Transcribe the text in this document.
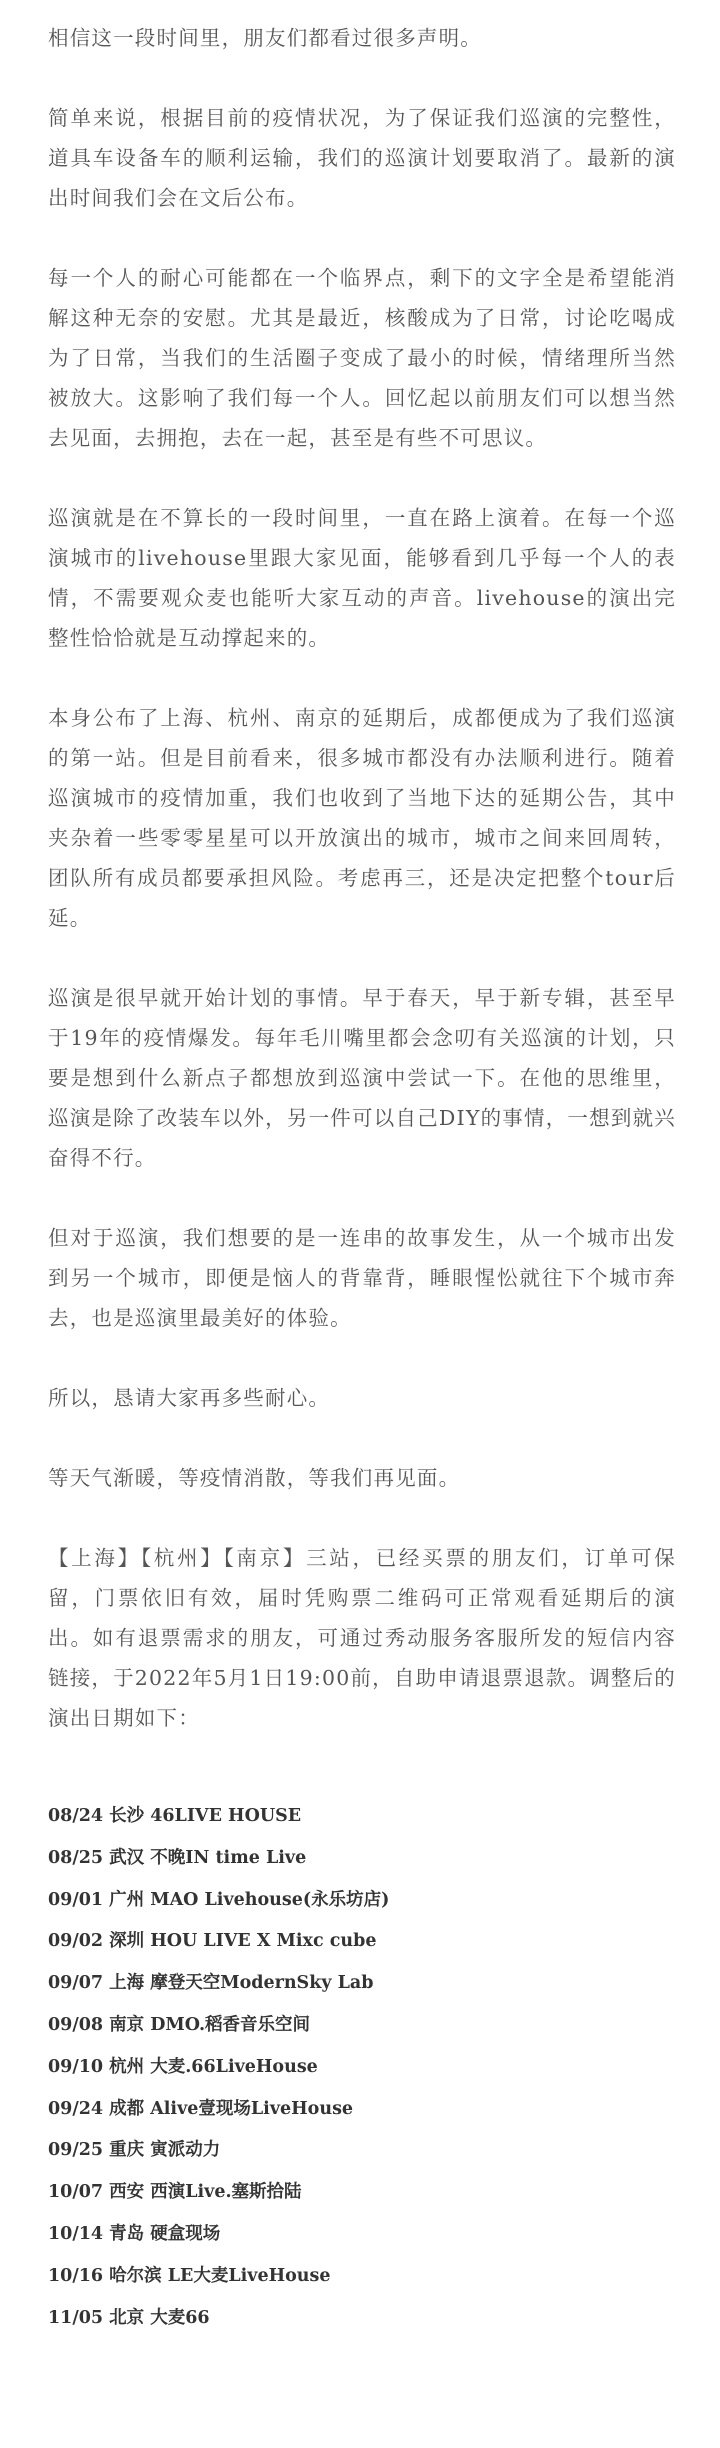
相信这一段时间里，朋友们都看过很多声明。

简单来说，根据目前的疫情状况，为了保证我们巡演的完整性，道具车设备车的顺利运输，我们的巡演计划要取消了。最新的演出时间我们会在文后公布。

每一个人的耐心可能都在一个临界点，剩下的文字全是希望能消解这种无奈的安慰。尤其是最近，核酸成为了日常，讨论吃喝成为了日常，当我们的生活圈子变成了最小的时候，情绪理所当然被放大。这影响了我们每一个人。回忆起以前朋友们可以想当然去见面，去拥抱，去在一起，甚至是有些不可思议。

巡演就是在不算长的一段时间里，一直在路上演着。在每一个巡演城市的livehouse里跟大家见面，能够看到几乎每一个人的表情，不需要观众麦也能听大家互动的声音。livehouse的演出完整性恰恰就是互动撑起来的。

本身公布了上海、杭州、南京的延期后，成都便成为了我们巡演的第一站。但是目前看来，很多城市都没有办法顺利进行。随着巡演城市的疫情加重，我们也收到了当地下达的延期公告，其中夹杂着一些零零星星可以开放演出的城市，城市之间来回周转，团队所有成员都要承担风险。考虑再三，还是决定把整个tour后延。

巡演是很早就开始计划的事情。早于春天，早于新专辑，甚至早于19年的疫情爆发。每年毛川嘴里都会念叨有关巡演的计划，只要是想到什么新点子都想放到巡演中尝试一下。在他的思维里，巡演是除了改装车以外，另一件可以自己DIY的事情，一想到就兴奋得不行。

但对于巡演，我们想要的是一连串的故事发生，从一个城市出发到另一个城市，即便是恼人的背靠背，睡眼惺忪就往下个城市奔去，也是巡演里最美好的体验。

所以，恳请大家再多些耐心。

等天气渐暖，等疫情消散，等我们再见面。

【上海】【杭州】【南京】三站，已经买票的朋友们，订单可保留，门票依旧有效，届时凭购票二维码可正常观看延期后的演出。如有退票需求的朋友，可通过秀动服务客服所发的短信内容链接，于2022年5月1日19:00前，自助申请退票退款。调整后的演出日期如下：

08/24 长沙 46LIVE HOUSE
08/25 武汉 不晚IN time Live
09/01 广州 MAO Livehouse(永乐坊店)
09/02 深圳 HOU LIVE X Mixc cube
09/07 上海 摩登天空ModernSky Lab
09/08 南京 DMO.稻香音乐空间
09/10 杭州 大麦.66LiveHouse
09/24 成都 Alive壹现场LiveHouse
09/25 重庆 寅派动力
10/07 西安 西演Live.塞斯拾陆
10/14 青岛 硬盒现场
10/16 哈尔滨 LE大麦LiveHouse
11/05 北京 大麦66
